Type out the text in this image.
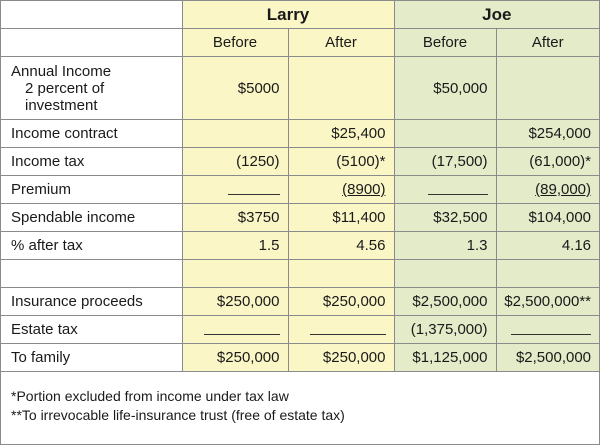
	Larry		Joe	
	Before	After	Before	After

Annual Income
2 percent of
investment	$5000		$50,000	
Income contract		$25,400		$254,000
Income tax	(1250)	(5100)*	(17,500)	(61,000)*
Premium		(8900)		(89,000)
Spendable income	$3750	$11,400	$32,500	$104,000
% after tax	1.5	4.56	1.3	4.16

Insurance proceeds	$250,000	$250,000	$2,500,000	$2,500,000**
Estate tax			(1,375,000)	
To family	$250,000	$250,000	$1,125,000	$2,500,000
*Portion excluded from income under tax law
**To irrevocable life-insurance trust (free of estate tax)
